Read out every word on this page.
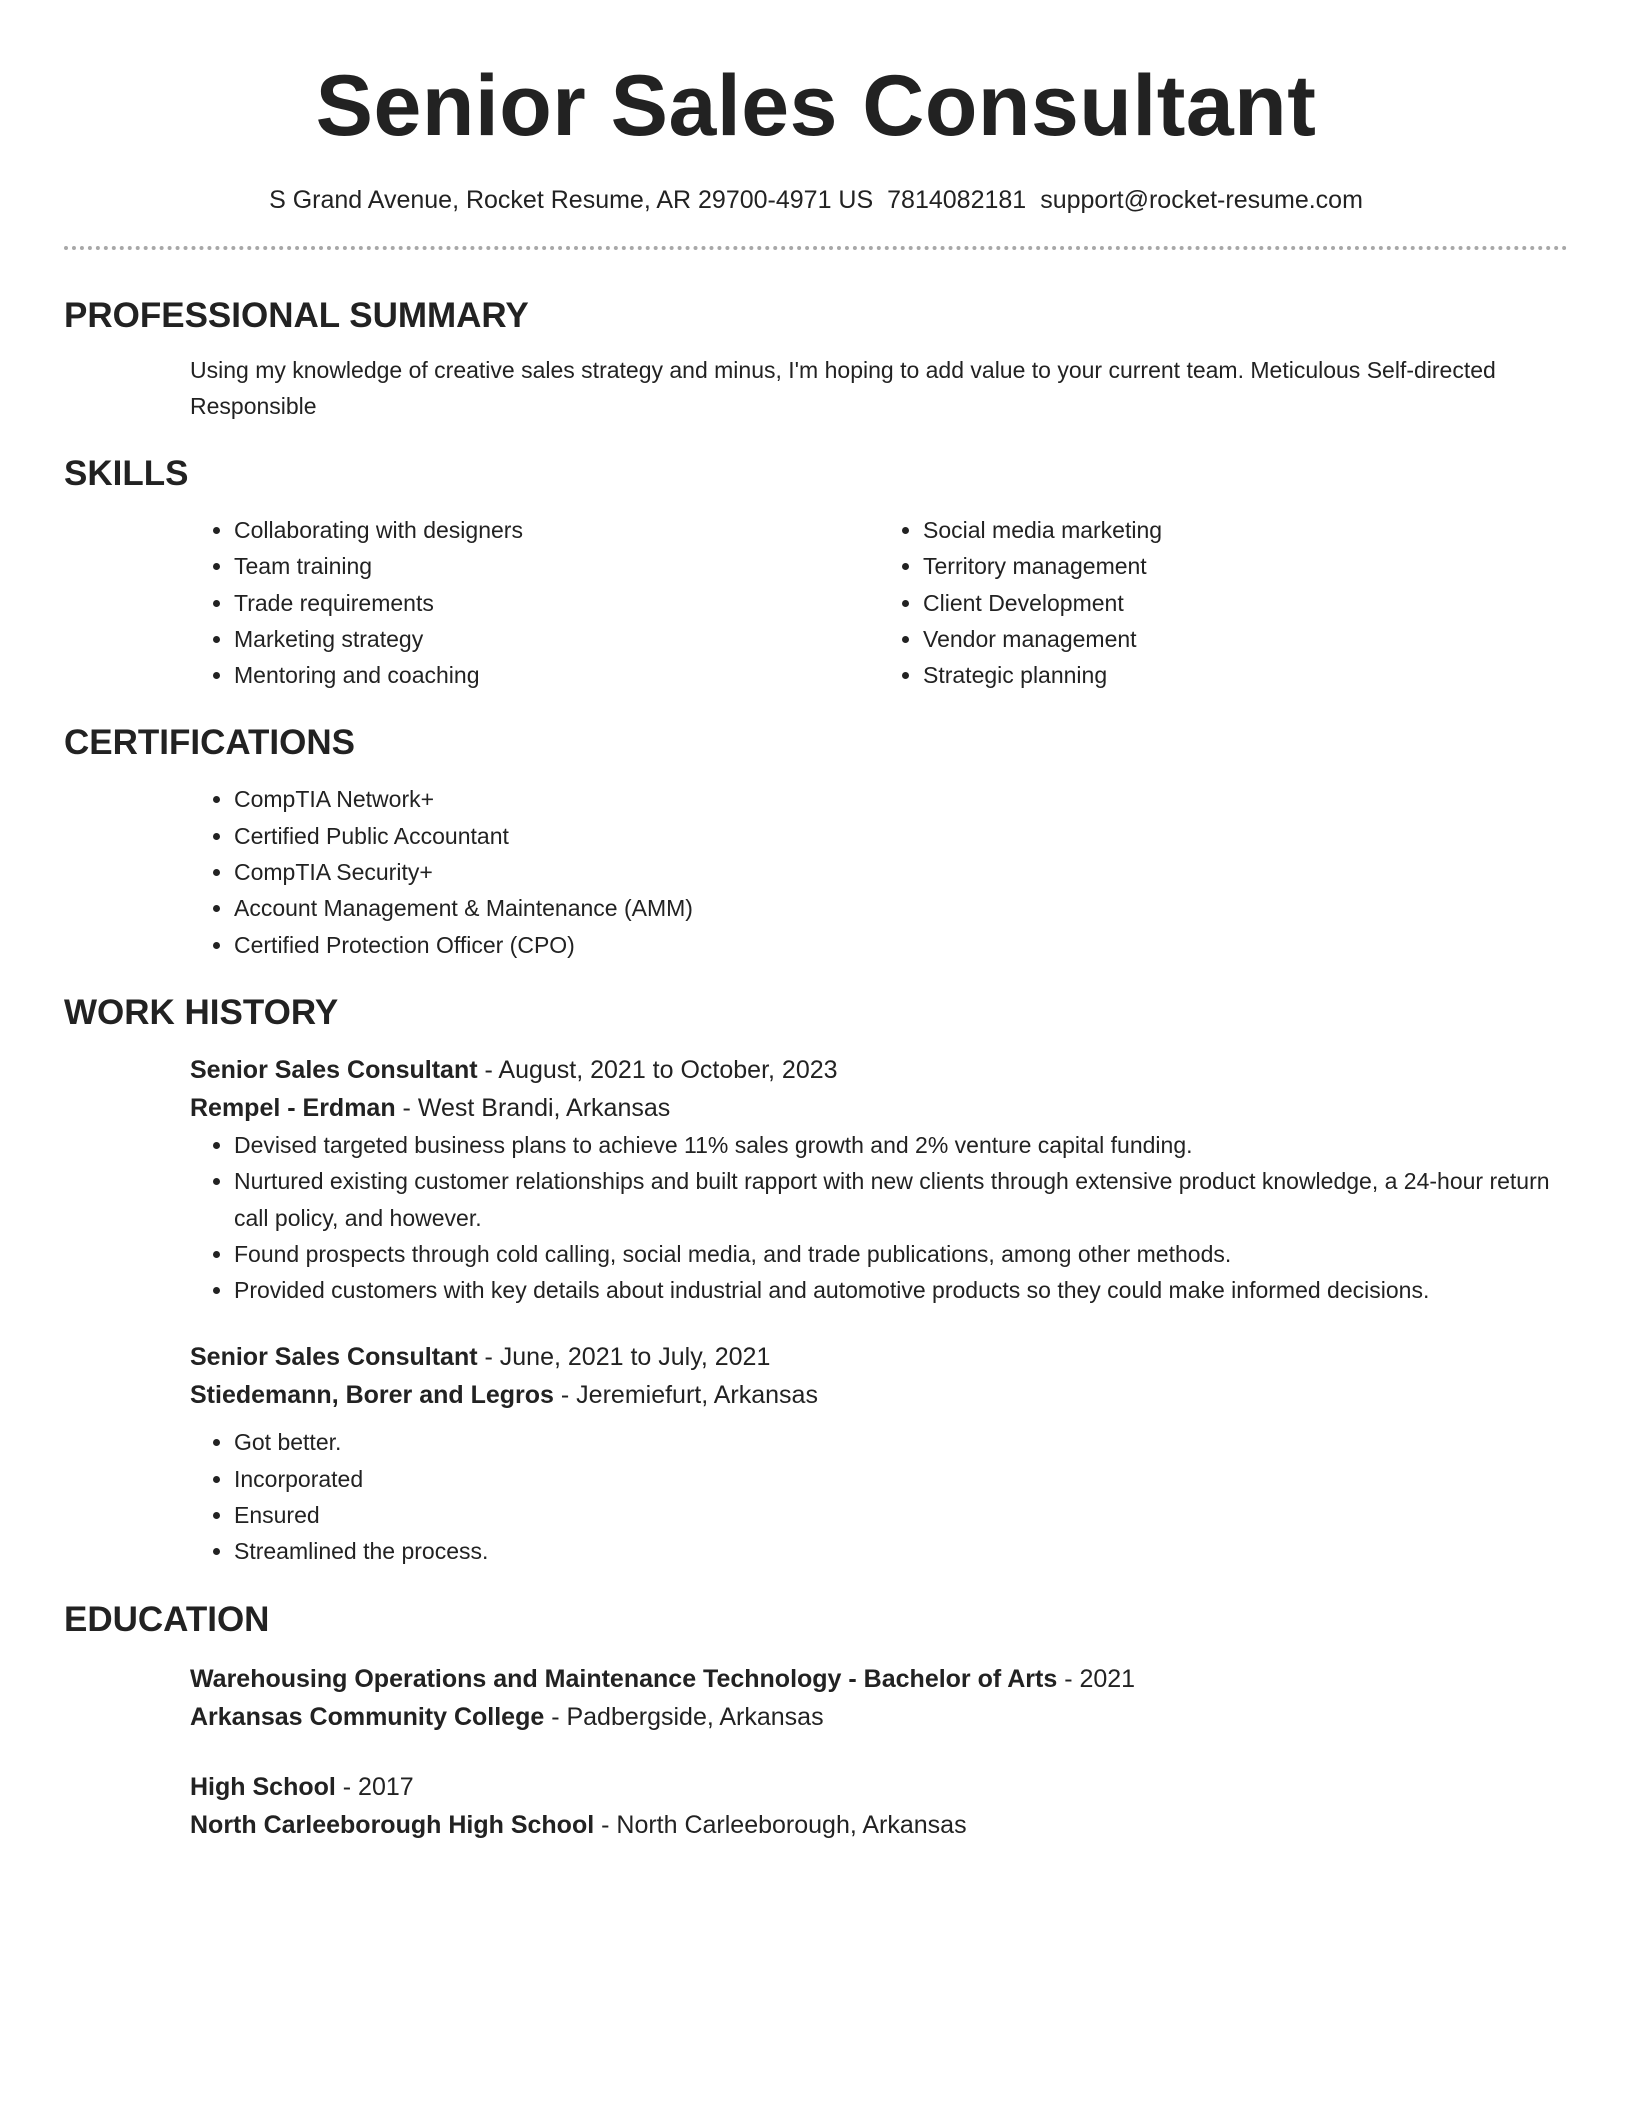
Senior Sales Consultant
S Grand Avenue, Rocket Resume, AR 29700-4971 US 7814082181 support@rocket-resume.com
PROFESSIONAL SUMMARY

Using my knowledge of creative sales strategy and minus, I'm hoping to add value to your current team. Meticulous Self-directed Responsible

SKILLS
• Collaborating with designers
• Team training
• Trade requirements
• Marketing strategy
• Mentoring and coaching
• Social media marketing
• Territory management
• Client Development
• Vendor management
• Strategic planning
CERTIFICATIONS
• CompTIA Network+
• Certified Public Accountant
• CompTIA Security+
• Account Management & Maintenance (AMM)
• Certified Protection Officer (CPO)
WORK HISTORY
Senior Sales Consultant - August, 2021 to October, 2023
Rempel - Erdman - West Brandi, Arkansas
• Devised targeted business plans to achieve 11% sales growth and 2% venture capital funding.
• Nurtured existing customer relationships and built rapport with new clients through extensive product knowledge, a 24-hour return call policy, and however.
• Found prospects through cold calling, social media, and trade publications, among other methods.
• Provided customers with key details about industrial and automotive products so they could make informed decisions.
Senior Sales Consultant - June, 2021 to July, 2021
Stiedemann, Borer and Legros - Jeremiefurt, Arkansas
• Got better.
• Incorporated
• Ensured
• Streamlined the process.
EDUCATION
Warehousing Operations and Maintenance Technology - Bachelor of Arts - 2021
Arkansas Community College - Padbergside, Arkansas
High School - 2017
North Carleeborough High School - North Carleeborough, Arkansas
